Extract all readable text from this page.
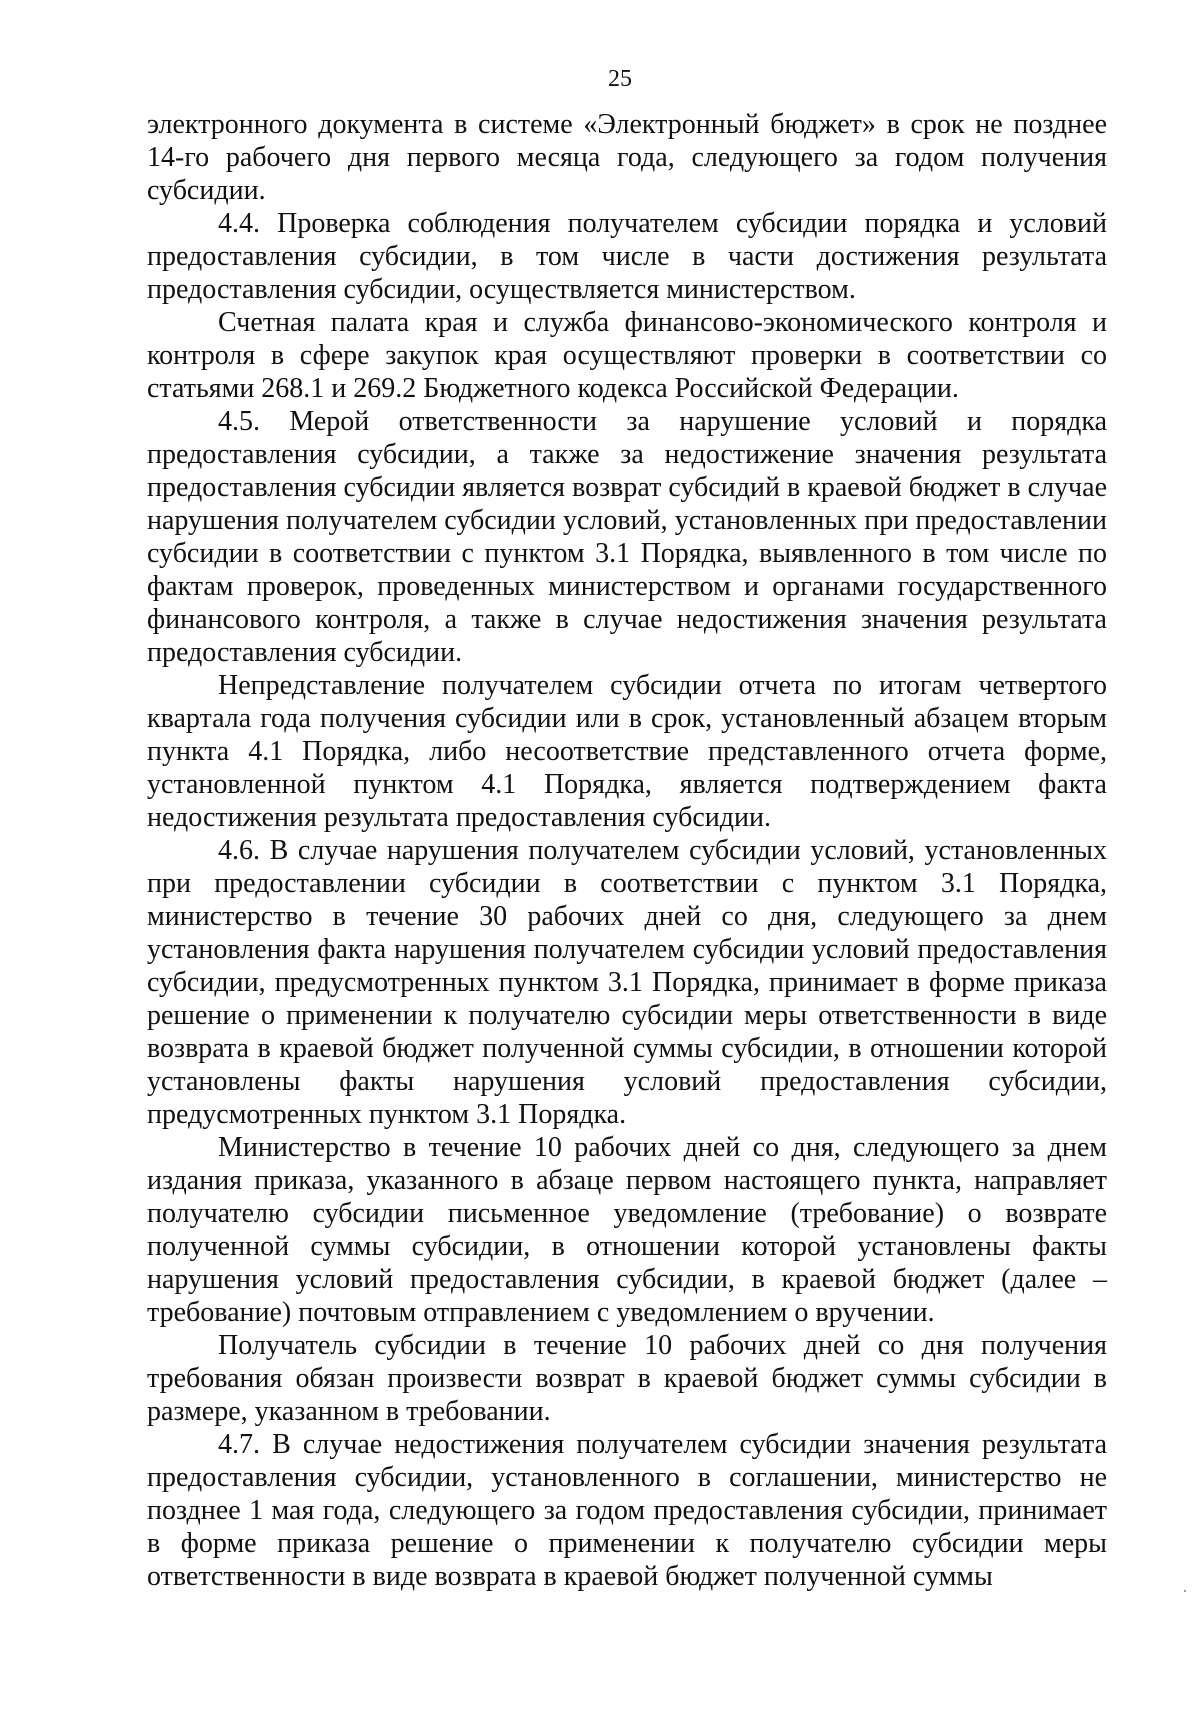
25

электронного документа в системе «Электронный бюджет» в срок не позднее 14-го рабочего дня первого месяца года, следующего за годом получения субсидии.

4.4. Проверка соблюдения получателем субсидии порядка и условий предоставления субсидии, в том числе в части достижения результата предоставления субсидии, осуществляется министерством.

Счетная палата края и служба финансово-экономического контроля и контроля в сфере закупок края осуществляют проверки в соответствии со статьями 268.1 и 269.2 Бюджетного кодекса Российской Федерации.

4.5. Мерой ответственности за нарушение условий и порядка предоставления субсидии, а также за недостижение значения результата предоставления субсидии является возврат субсидий в краевой бюджет в случае нарушения получателем субсидии условий, установленных при предоставлении субсидии в соответствии с пунктом 3.1 Порядка, выявленного в том числе по фактам проверок, проведенных министерством и органами государственного финансового контроля, а также в случае недостижения значения результата предоставления субсидии.

Непредставление получателем субсидии отчета по итогам четвертого квартала года получения субсидии или в срок, установленный абзацем вторым пункта 4.1 Порядка, либо несоответствие представленного отчета форме, установленной пунктом 4.1 Порядка, является подтверждением факта недостижения результата предоставления субсидии.

4.6. В случае нарушения получателем субсидии условий, установленных при предоставлении субсидии в соответствии с пунктом 3.1 Порядка, министерство в течение 30 рабочих дней со дня, следующего за днем установления факта нарушения получателем субсидии условий предоставления субсидии, предусмотренных пунктом 3.1 Порядка, принимает в форме приказа решение о применении к получателю субсидии меры ответственности в виде возврата в краевой бюджет полученной суммы субсидии, в отношении которой установлены факты нарушения условий предоставления субсидии, предусмотренных пунктом 3.1 Порядка.

Министерство в течение 10 рабочих дней со дня, следующего за днем издания приказа, указанного в абзаце первом настоящего пункта, направляет получателю субсидии письменное уведомление (требование) о возврате полученной суммы субсидии, в отношении которой установлены факты нарушения условий предоставления субсидии, в краевой бюджет (далее – требование) почтовым отправлением с уведомлением о вручении.

Получатель субсидии в течение 10 рабочих дней со дня получения требования обязан произвести возврат в краевой бюджет суммы субсидии в размере, указанном в требовании.

4.7. В случае недостижения получателем субсидии значения результата предоставления субсидии, установленного в соглашении, министерство не позднее 1 мая года, следующего за годом предоставления субсидии, принимает в форме приказа решение о применении к получателю субсидии меры ответственности в виде возврата в краевой бюджет полученной суммы
